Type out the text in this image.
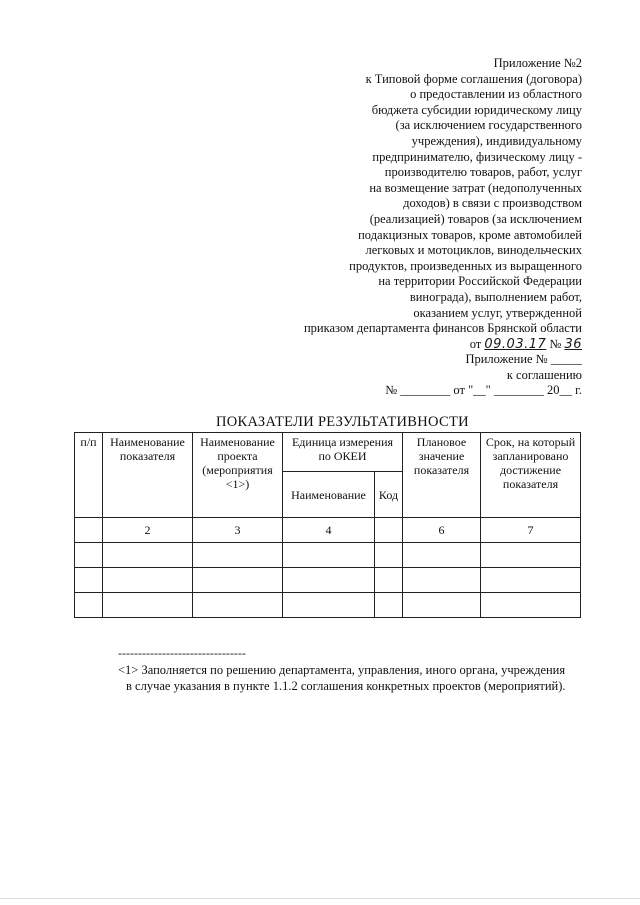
Приложение №2
к Типовой форме соглашения (договора)
о предоставлении из областного
бюджета субсидии юридическому лицу
(за исключением государственного
учреждения), индивидуальному
предпринимателю, физическому лицу -
производителю товаров, работ, услуг
на возмещение затрат (недополученных
доходов) в связи с производством
(реализацией) товаров (за исключением
подакцизных товаров, кроме автомобилей
легковых и мотоциклов, винодельческих
продуктов, произведенных из выращенного
на территории Российской Федерации
винограда), выполнением работ,
оказанием услуг, утвержденной
приказом департамента финансов Брянской области
от 09.03.17 № 36
Приложение № _____
к соглашению
№ ________ от "__" ________ 20__ г.
ПОКАЗАТЕЛИ РЕЗУЛЬТАТИВНОСТИ
п/п	Наименование показателя	Наименование проекта (мероприятия <1>)	Единица измерения по ОКЕИ		Плановое значение показателя	Срок, на который запланировано достижение показателя
			Наименование	Код		
	2	3	4		6	7

--------------------------------
<1> Заполняется по решению департамента, управления, иного органа, учреждения
в случае указания в пункте 1.1.2 соглашения конкретных проектов (мероприятий).
